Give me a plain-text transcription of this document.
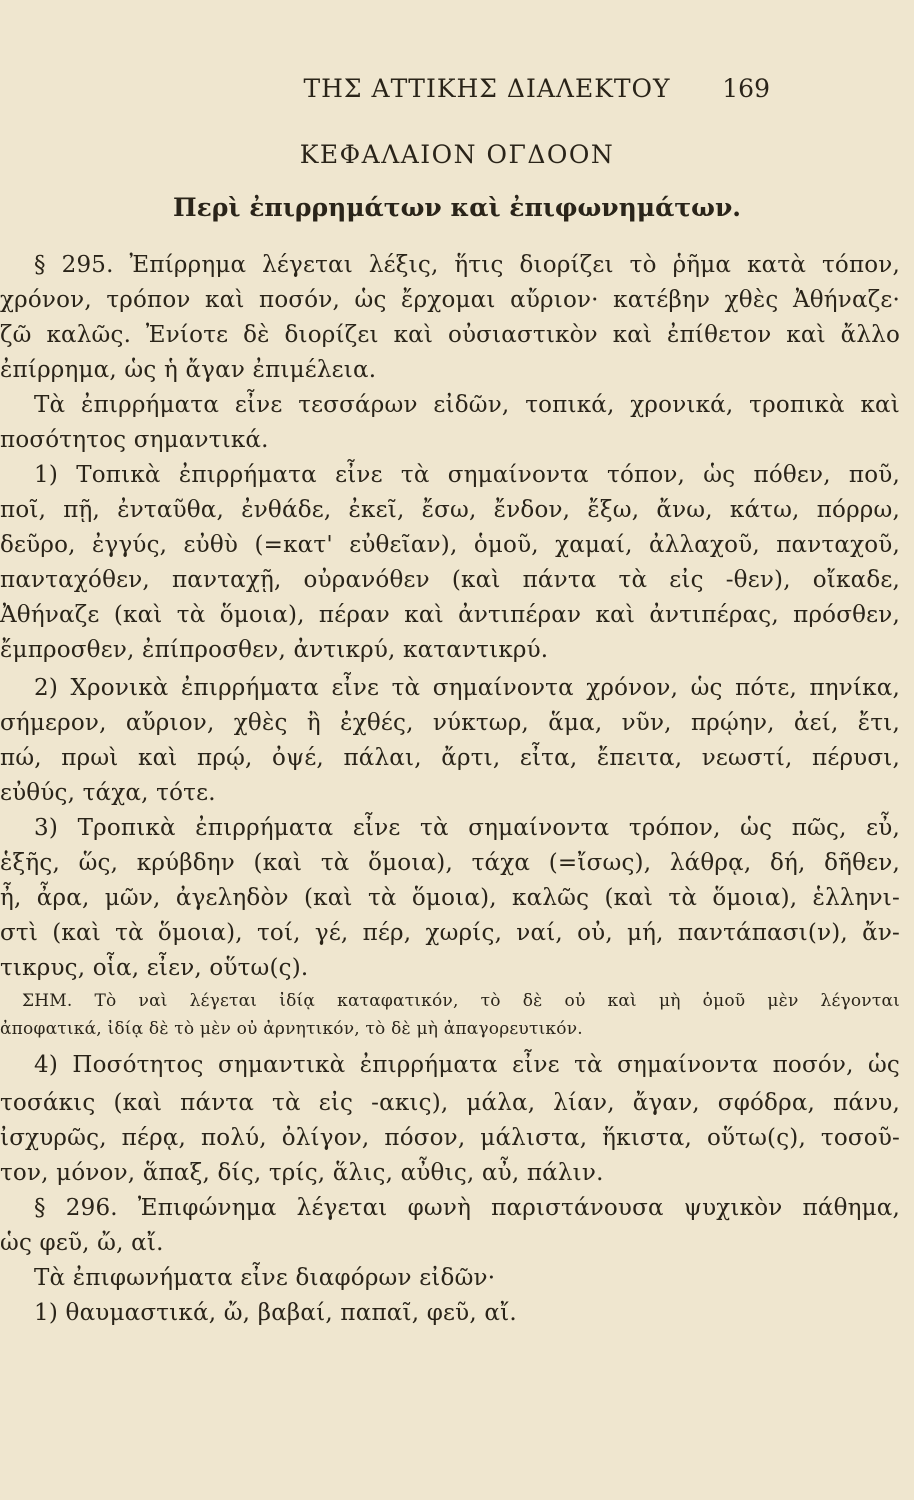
ΤΗΣ ΑΤΤΙΚΗΣ ΔΙΑΛΕΚΤΟΥ	169
ΚΕΦΑΛΑΙΟΝ ΟΓΔΟΟΝ
Περὶ ἐπιρρημάτων καὶ ἐπιφωνημάτων.
§ 295. Ἐπίρρημα λέγεται λέξις, ἥτις διορίζει τὸ ῥῆμα κατὰ τόπον,
χρόνον, τρόπον καὶ ποσόν, ὡς ἔρχομαι αὔριον· κατέβην χθὲς Ἀθήναζε·
ζῶ καλῶς. Ἐνίοτε δὲ διορίζει καὶ οὐσιαστικὸν καὶ ἐπίθετον καὶ ἄλλο
ἐπίρρημα, ὡς ἡ ἄγαν ἐπιμέλεια.
Τὰ ἐπιρρήματα εἶνε τεσσάρων εἰδῶν, τοπικά, χρονικά, τροπικὰ καὶ
ποσότητος σημαντικά.
1) Τοπικὰ ἐπιρρήματα εἶνε τὰ σημαίνοντα τόπον, ὡς πόθεν, ποῦ,
ποῖ, πῇ, ἐνταῦθα, ἐνθάδε, ἐκεῖ, ἔσω, ἔνδον, ἔξω, ἄνω, κάτω, πόρρω,
δεῦρο, ἐγγύς, εὐθὺ (=κατ' εὐθεῖαν), ὁμοῦ, χαμαί, ἀλλαχοῦ, πανταχοῦ,
πανταχόθεν, πανταχῇ, οὐρανόθεν (καὶ πάντα τὰ εἰς -θεν), οἴκαδε,
Ἀθήναζε (καὶ τὰ ὅμοια), πέραν καὶ ἀντιπέραν καὶ ἀντιπέρας, πρόσθεν,
ἔμπροσθεν, ἐπίπροσθεν, ἀντικρύ, καταντικρύ.
2) Χρονικὰ ἐπιρρήματα εἶνε τὰ σημαίνοντα χρόνον, ὡς πότε, πηνίκα,
σήμερον, αὔριον, χθὲς ἢ ἐχθές, νύκτωρ, ἅμα, νῦν, πρῴην, ἀεί, ἔτι,
πώ, πρωὶ καὶ πρῴ, ὀψέ, πάλαι, ἄρτι, εἶτα, ἔπειτα, νεωστί, πέρυσι,
εὐθύς, τάχα, τότε.
3) Τροπικὰ ἐπιρρήματα εἶνε τὰ σημαίνοντα τρόπον, ὡς πῶς, εὖ,
ἑξῆς, ὥς, κρύβδην (καὶ τὰ ὅμοια), τάχα (=ἴσως), λάθρᾳ, δή, δῆθεν,
ἦ, ἆρα, μῶν, ἀγεληδὸν (καὶ τὰ ὅμοια), καλῶς (καὶ τὰ ὅμοια), ἑλληνι-
στὶ (καὶ τὰ ὅμοια), τοί, γέ, πέρ, χωρίς, ναί, οὐ, μή, παντάπασι(ν), ἄν-
τικρυς, οἷα, εἶεν, οὕτω(ς).
ΣΗΜ. Τὸ ναὶ λέγεται ἰδίᾳ καταφατικόν, τὸ δὲ οὐ καὶ μὴ ὁμοῦ μὲν λέγονται
ἀποφατικά, ἰδίᾳ δὲ τὸ μὲν οὐ ἀρνητικόν, τὸ δὲ μὴ ἀπαγορευτικόν.
4) Ποσότητος σημαντικὰ ἐπιρρήματα εἶνε τὰ σημαίνοντα ποσόν, ὡς
τοσάκις (καὶ πάντα τὰ εἰς -ακις), μάλα, λίαν, ἄγαν, σφόδρα, πάνυ,
ἰσχυρῶς, πέρᾳ, πολύ, ὀλίγον, πόσον, μάλιστα, ἥκιστα, οὕτω(ς), τοσοῦ-
τον, μόνον, ἅπαξ, δίς, τρίς, ἅλις, αὖθις, αὖ, πάλιν.
§ 296. Ἐπιφώνημα λέγεται φωνὴ παριστάνουσα ψυχικὸν πάθημα,
ὡς φεῦ, ὤ, αἴ.
Τὰ ἐπιφωνήματα εἶνε διαφόρων εἰδῶν·
1) θαυμαστικά, ὤ, βαβαί, παπαῖ, φεῦ, αἴ.
